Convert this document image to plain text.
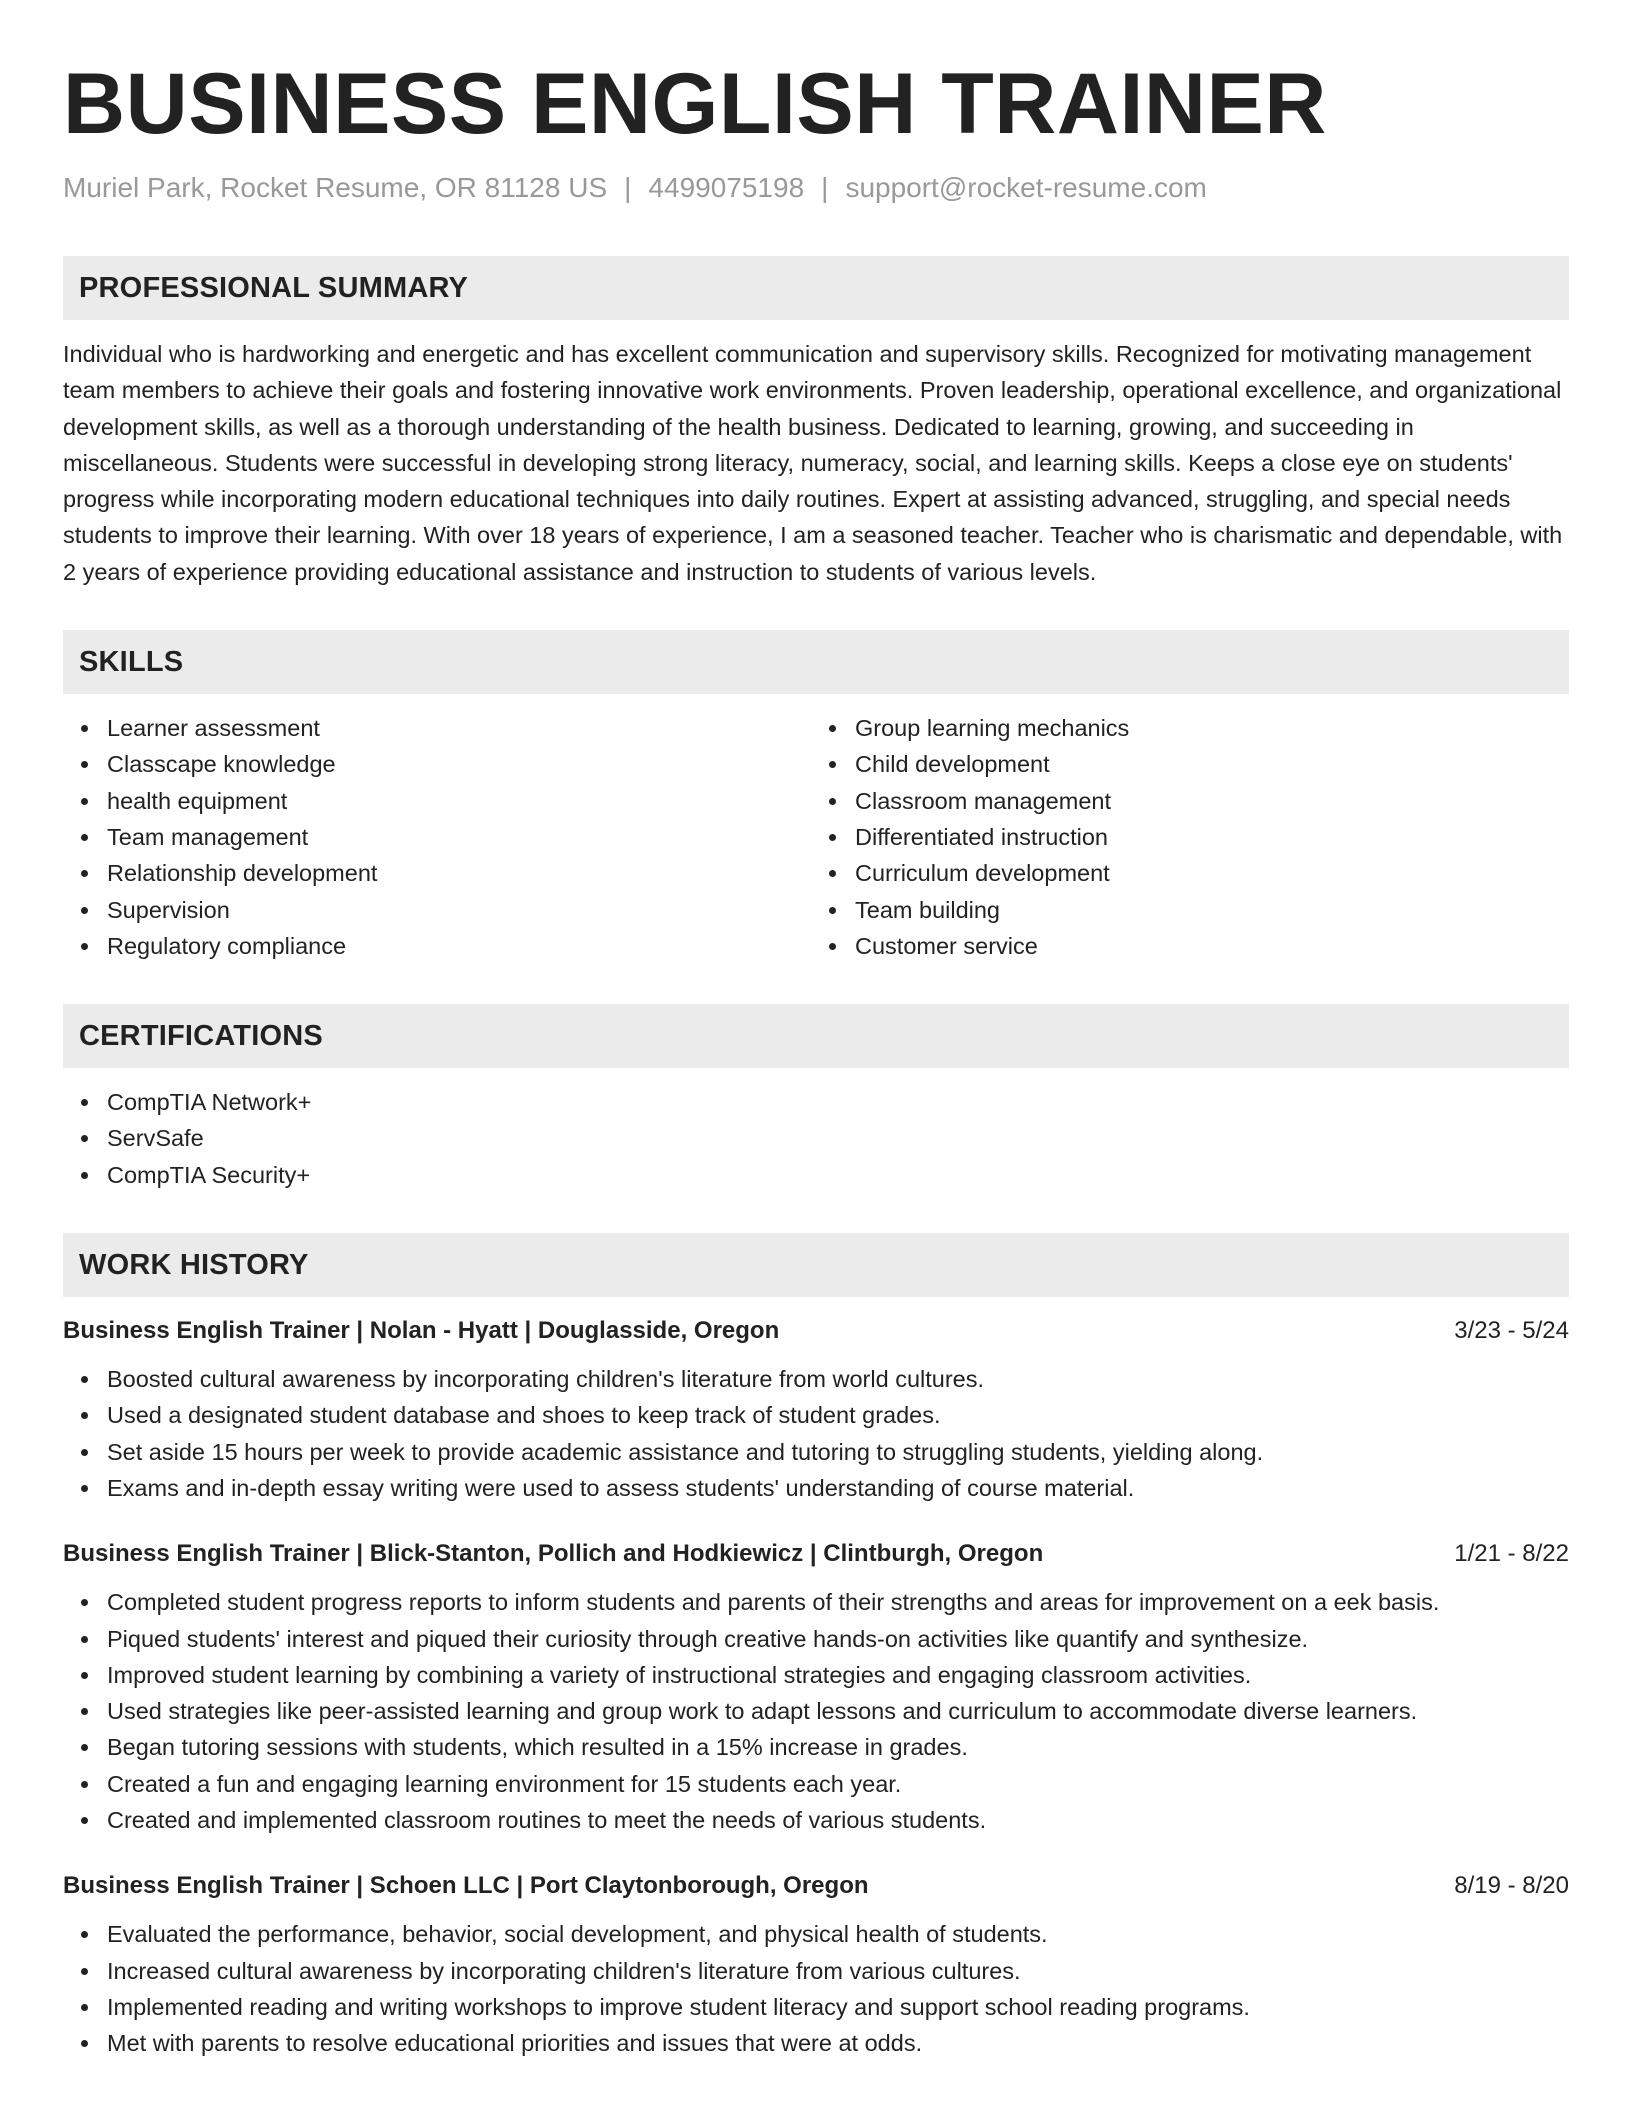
BUSINESS ENGLISH TRAINER
Muriel Park, Rocket Resume, OR 81128 US | 4499075198 | support@rocket-resume.com
PROFESSIONAL SUMMARY

Individual who is hardworking and energetic and has excellent communication and supervisory skills. Recognized for motivating management team members to achieve their goals and fostering innovative work environments. Proven leadership, operational excellence, and organizational development skills, as well as a thorough understanding of the health business. Dedicated to learning, growing, and succeeding in miscellaneous. Students were successful in developing strong literacy, numeracy, social, and learning skills. Keeps a close eye on students' progress while incorporating modern educational techniques into daily routines. Expert at assisting advanced, struggling, and special needs students to improve their learning. With over 18 years of experience, I am a seasoned teacher. Teacher who is charismatic and dependable, with 2 years of experience providing educational assistance and instruction to students of various levels.

SKILLS
Learner assessment
Classcape knowledge
health equipment
Team management
Relationship development
Supervision
Regulatory compliance
Group learning mechanics
Child development
Classroom management
Differentiated instruction
Curriculum development
Team building
Customer service
CERTIFICATIONS
CompTIA Network+
ServSafe
CompTIA Security+
WORK HISTORY
Business English Trainer | Nolan - Hyatt | Douglasside, Oregon	3/23 - 5/24
Boosted cultural awareness by incorporating children's literature from world cultures.
Used a designated student database and shoes to keep track of student grades.
Set aside 15 hours per week to provide academic assistance and tutoring to struggling students, yielding along.
Exams and in-depth essay writing were used to assess students' understanding of course material.
Business English Trainer | Blick-Stanton, Pollich and Hodkiewicz | Clintburgh, Oregon	1/21 - 8/22
Completed student progress reports to inform students and parents of their strengths and areas for improvement on a eek basis.
Piqued students' interest and piqued their curiosity through creative hands-on activities like quantify and synthesize.
Improved student learning by combining a variety of instructional strategies and engaging classroom activities.
Used strategies like peer-assisted learning and group work to adapt lessons and curriculum to accommodate diverse learners.
Began tutoring sessions with students, which resulted in a 15% increase in grades.
Created a fun and engaging learning environment for 15 students each year.
Created and implemented classroom routines to meet the needs of various students.
Business English Trainer | Schoen LLC | Port Claytonborough, Oregon	8/19 - 8/20
Evaluated the performance, behavior, social development, and physical health of students.
Increased cultural awareness by incorporating children's literature from various cultures.
Implemented reading and writing workshops to improve student literacy and support school reading programs.
Met with parents to resolve educational priorities and issues that were at odds.
